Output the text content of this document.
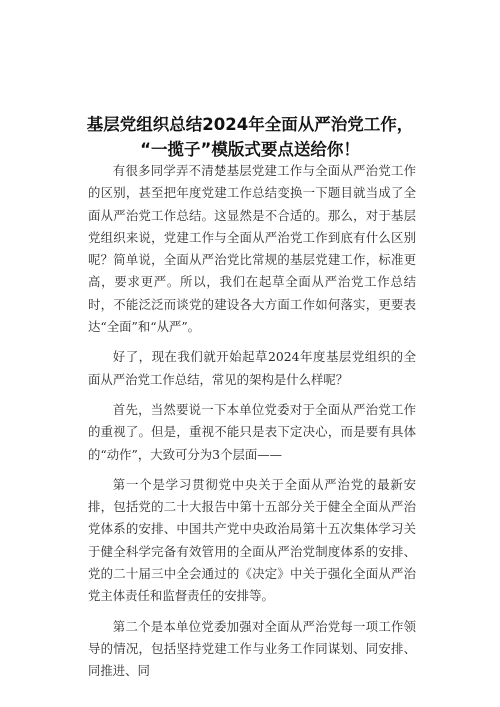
基层党组织总结2024年全面从严治党工作，
“一揽子”模版式要点送给你！

有很多同学弄不清楚基层党建工作与全面从严治党工作的区别，甚至把年度党建工作总结变换一下题目就当成了全面从严治党工作总结。这显然是不合适的。那么，对于基层党组织来说，党建工作与全面从严治党工作到底有什么区别呢？简单说，全面从严治党比常规的基层党建工作，标准更高，要求更严。所以，我们在起草全面从严治党工作总结时，不能泛泛而谈党的建设各大方面工作如何落实，更要表达“全面”和“从严”。

好了，现在我们就开始起草2024年度基层党组织的全面从严治党工作总结，常见的架构是什么样呢？

首先，当然要说一下本单位党委对于全面从严治党工作的重视了。但是，重视不能只是表下定决心，而是要有具体的“动作”，大致可分为3个层面——

第一个是学习贯彻党中央关于全面从严治党的最新安排，包括党的二十大报告中第十五部分关于健全全面从严治党体系的安排、中国共产党中央政治局第十五次集体学习关于健全科学完备有效管用的全面从严治党制度体系的安排、党的二十届三中全会通过的《决定》中关于强化全面从严治党主体责任和监督责任的安排等。

第二个是本单位党委加强对全面从严治党每一项工作领导的情况，包括坚持党建工作与业务工作同谋划、同安排、同推进、同
